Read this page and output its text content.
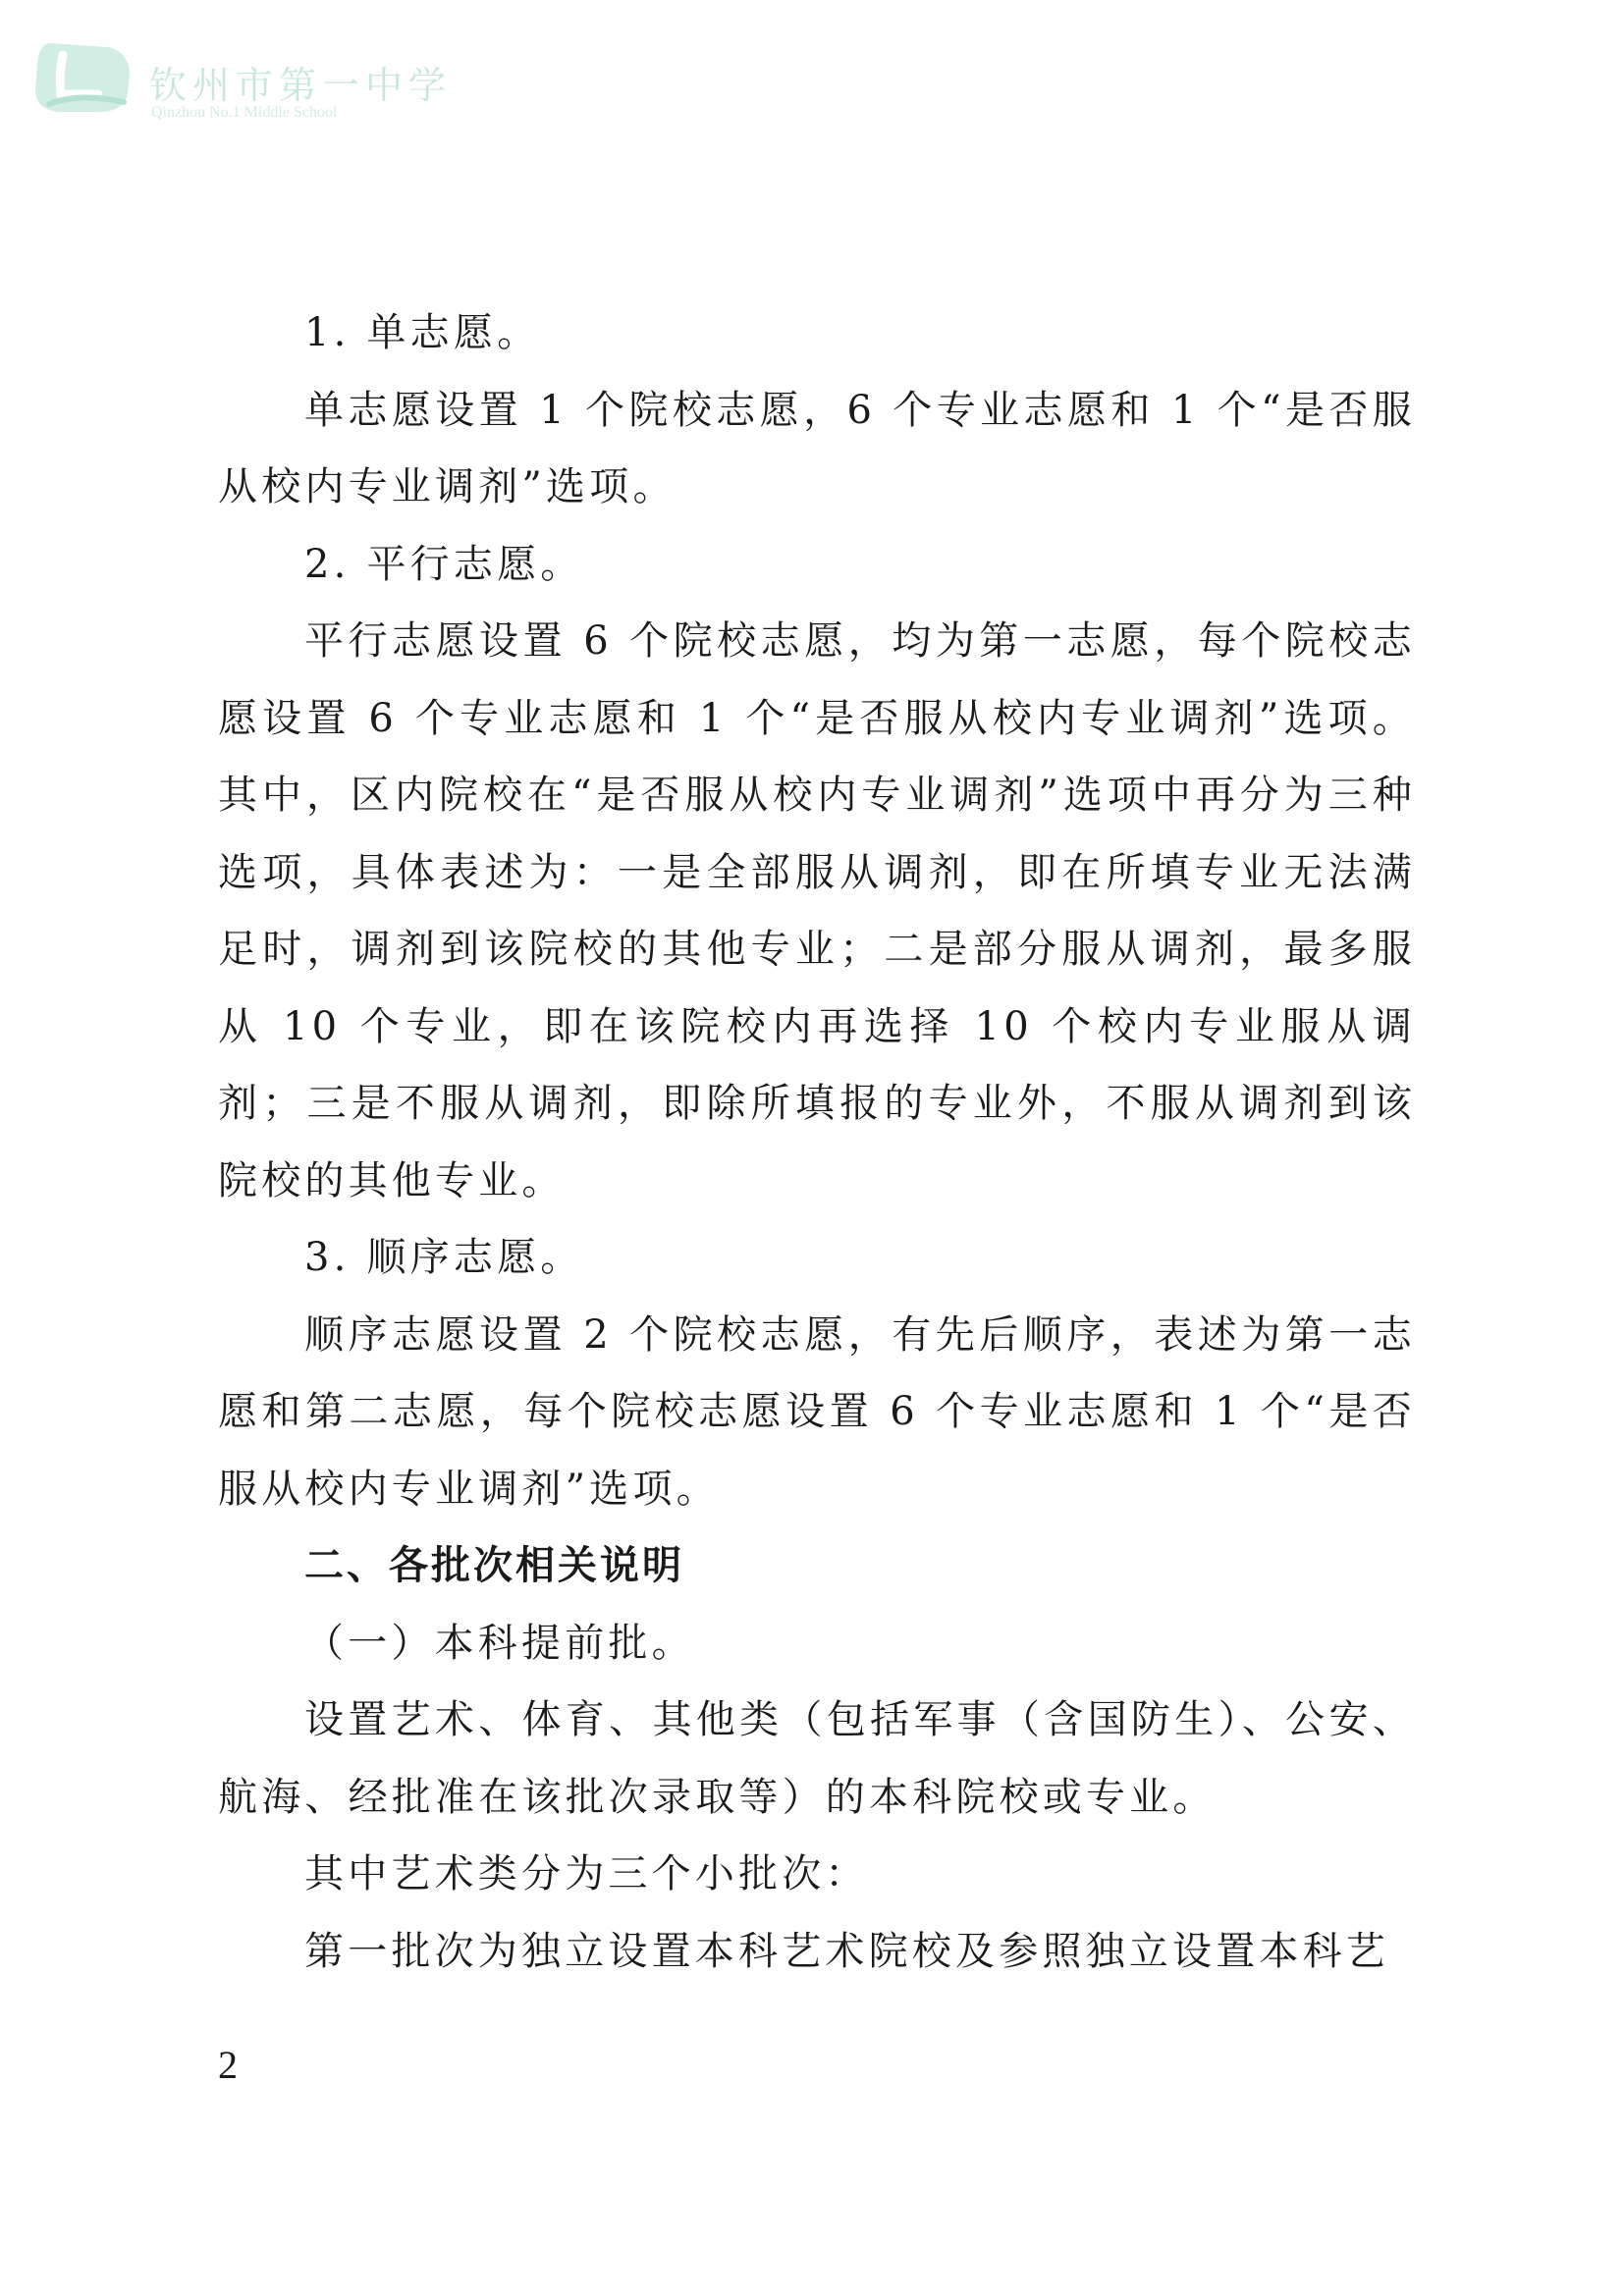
钦州市第一中学
Qinzhou No.1 Middle School

1. 单志愿。

单志愿设置 1 个院校志愿，6 个专业志愿和 1 个“是否服从校内专业调剂”选项。

2. 平行志愿。

平行志愿设置 6 个院校志愿，均为第一志愿，每个院校志愿设置 6 个专业志愿和 1 个“是否服从校内专业调剂”选项。其中，区内院校在“是否服从校内专业调剂”选项中再分为三种选项，具体表述为：一是全部服从调剂，即在所填专业无法满足时，调剂到该院校的其他专业；二是部分服从调剂，最多服从 10 个专业，即在该院校内再选择 10 个校内专业服从调剂；三是不服从调剂，即除所填报的专业外，不服从调剂到该院校的其他专业。

3. 顺序志愿。

顺序志愿设置 2 个院校志愿，有先后顺序，表述为第一志愿和第二志愿，每个院校志愿设置 6 个专业志愿和 1 个“是否服从校内专业调剂”选项。

二、各批次相关说明

（一）本科提前批。

设置艺术、体育、其他类（包括军事（含国防生）、公安、航海、经批准在该批次录取等）的本科院校或专业。

其中艺术类分为三个小批次：

第一批次为独立设置本科艺术院校及参照独立设置本科艺

2
